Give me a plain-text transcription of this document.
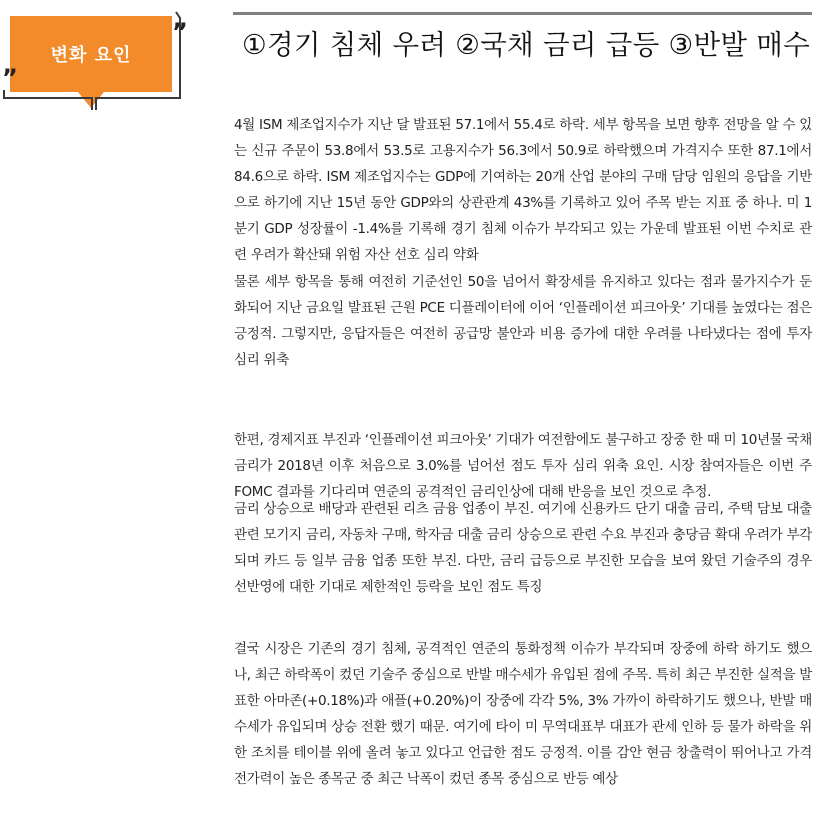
”
”
변화 요인	①경기 침체 우려 ②국채 금리 급등 ③반발 매수

4월 ISM 제조업지수가 지난 달 발표된 57.1에서 55.4로 하락. 세부 항목을 보면 향후 전망을 알 수 있는 신규 주문이 53.8에서 53.5로 고용지수가 56.3에서 50.9로 하락했으며 가격지수 또한 87.1에서 84.6으로 하락. ISM 제조업지수는 GDP에 기여하는 20개 산업 분야의 구매 담당 임원의 응답을 기반으로 하기에 지난 15년 동안 GDP와의 상관관계 43%를 기록하고 있어 주목 받는 지표 중 하나. 미 1분기 GDP 성장률이 -1.4%를 기록해 경기 침체 이슈가 부각되고 있는 가운데 발표된 이번 수치로 관련 우려가 확산돼 위험 자산 선호 심리 약화

물론 세부 항목을 통해 여전히 기준선인 50을 넘어서 확장세를 유지하고 있다는 점과 물가지수가 둔화되어 지난 금요일 발표된 근원 PCE 디플레이터에 이어 ‘인플레이션 피크아웃’ 기대를 높였다는 점은 긍정적. 그렇지만, 응답자들은 여전히 공급망 불안과 비용 증가에 대한 우려를 나타냈다는 점에 투자 심리 위축

한편, 경제지표 부진과 ‘인플레이션 피크아웃’ 기대가 여전함에도 불구하고 장중 한 때 미 10년물 국채 금리가 2018년 이후 처음으로 3.0%를 넘어선 점도 투자 심리 위축 요인. 시장 참여자들은 이번 주 FOMC 결과를 기다리며 연준의 공격적인 금리인상에 대해 반응을 보인 것으로 추정.

금리 상승으로 배당과 관련된 리츠 금융 업종이 부진. 여기에 신용카드 단기 대출 금리, 주택 담보 대출 관련 모기지 금리, 자동차 구매, 학자금 대출 금리 상승으로 관련 수요 부진과 충당금 확대 우려가 부각되며 카드 등 일부 금융 업종 또한 부진. 다만, 금리 급등으로 부진한 모습을 보여 왔던 기술주의 경우 선반영에 대한 기대로 제한적인 등락을 보인 점도 특징

결국 시장은 기존의 경기 침체, 공격적인 연준의 통화정책 이슈가 부각되며 장중에 하락 하기도 했으나, 최근 하락폭이 컸던 기술주 중심으로 반발 매수세가 유입된 점에 주목. 특히 최근 부진한 실적을 발표한 아마존(+0.18%)과 애플(+0.20%)이 장중에 각각 5%, 3% 가까이 하락하기도 했으나, 반발 매수세가 유입되며 상승 전환 했기 때문. 여기에 타이 미 무역대표부 대표가 관세 인하 등 물가 하락을 위한 조치를 테이블 위에 올려 놓고 있다고 언급한 점도 긍정적. 이를 감안 현금 창출력이 뛰어나고 가격 전가력이 높은 종목군 중 최근 낙폭이 컸던 종목 중심으로 반등 예상
